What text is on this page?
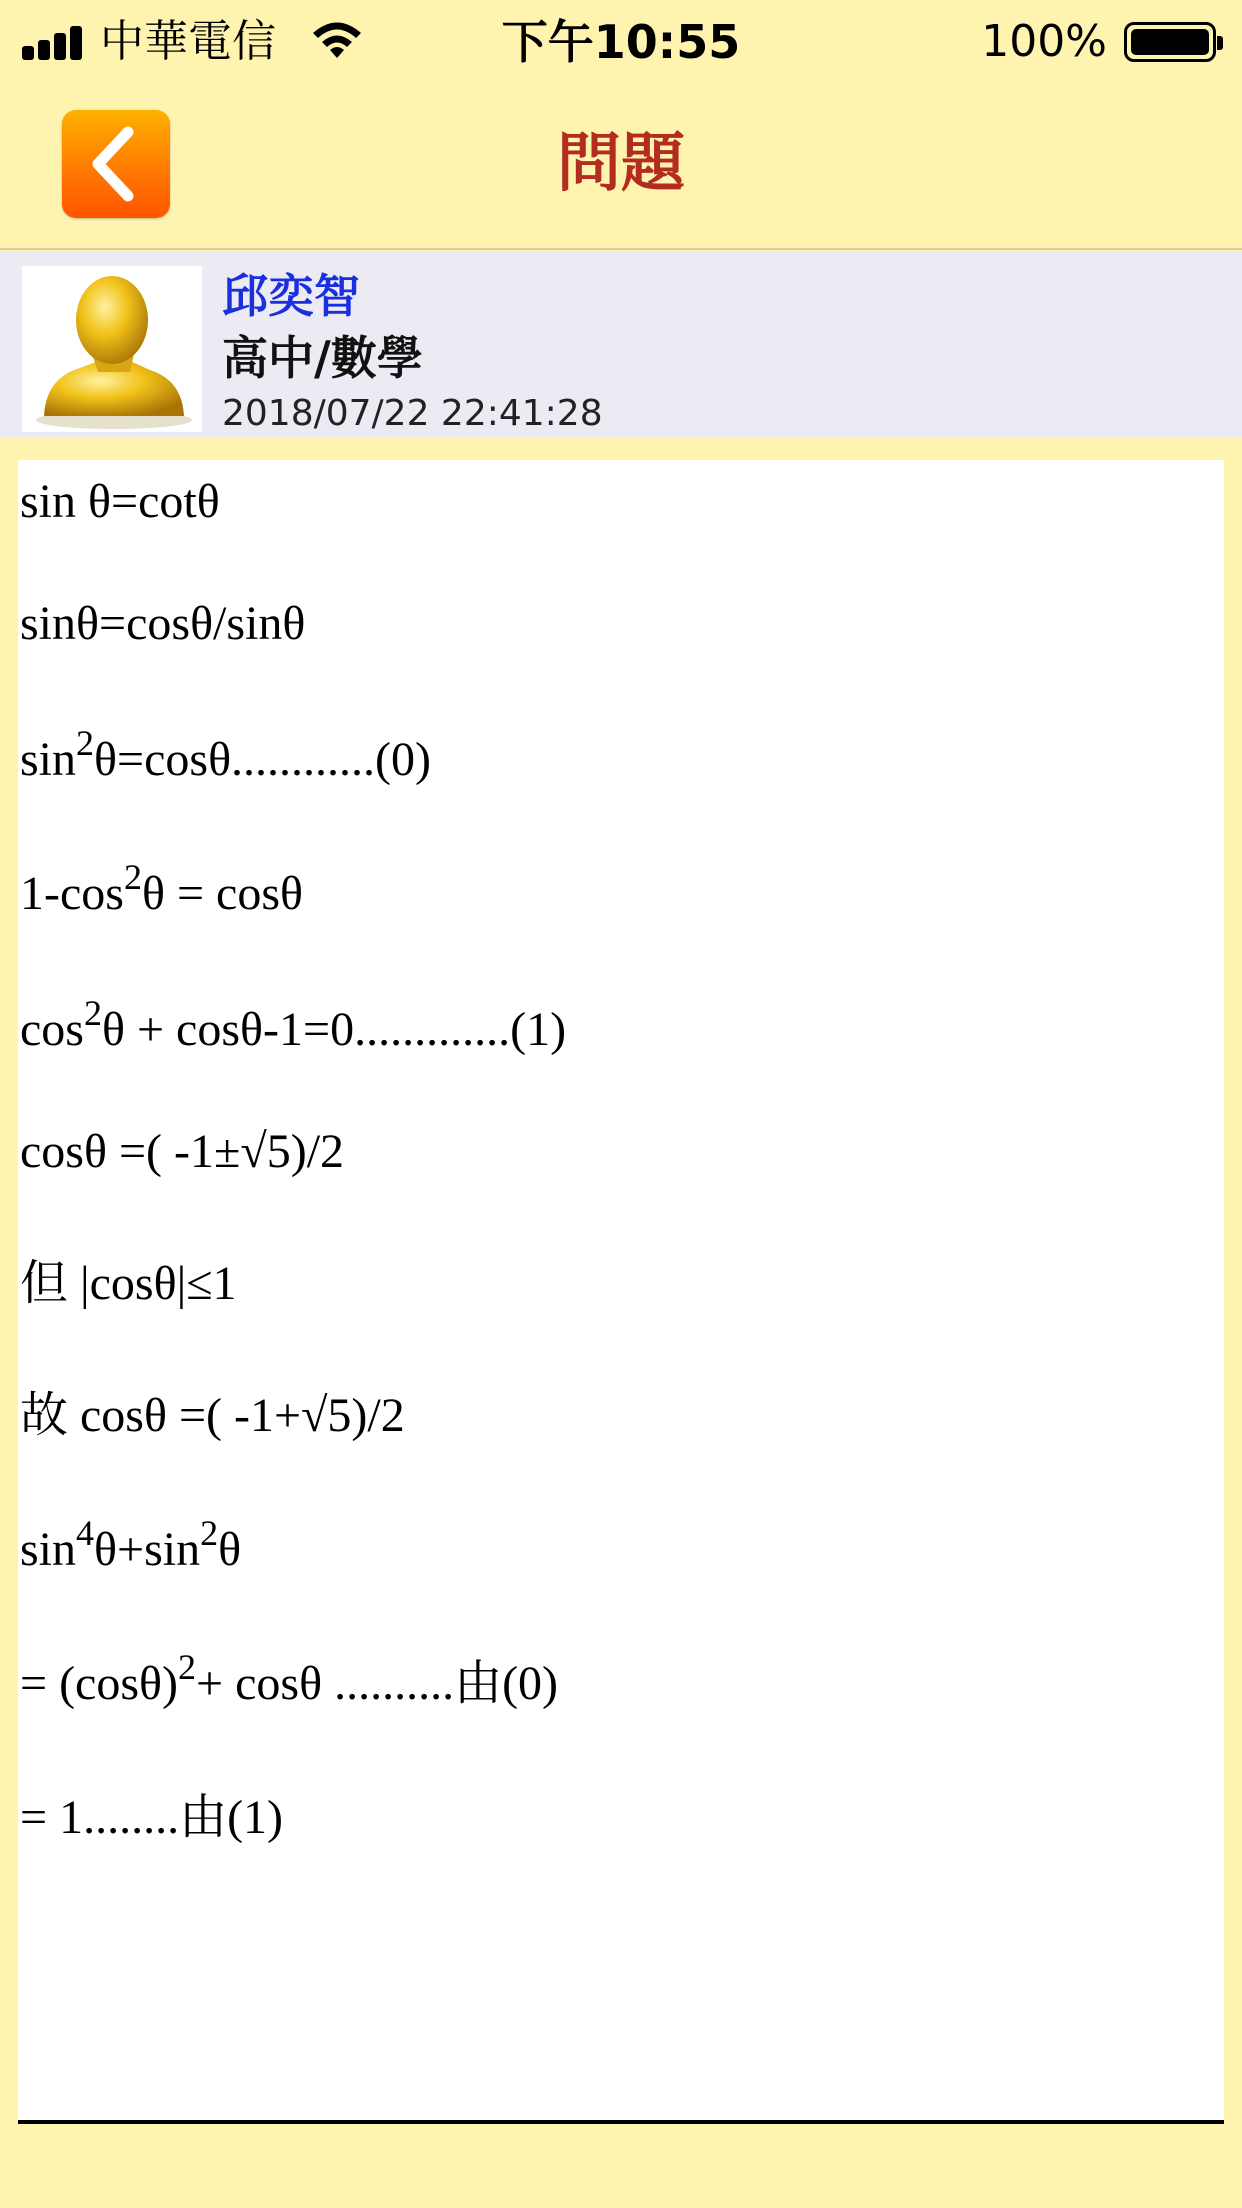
中華電信	下午10:55	100%
問題
邱奕智
高中/數學
2018/07/22 22:41:28
sin θ=cotθ
sinθ=cosθ/sinθ
$\sin^2\theta=\cos\theta............(0)$
$1-\cos^2\theta = \cos\theta$
$\cos^2\theta + \cos\theta-1=0.............(1)$
cosθ =( -1±√5)/2
但 |cosθ|≤1
故 cosθ =( -1+√5)/2
$\sin^4\theta+\sin^2\theta$
= $(\cos\theta)^2+ \cos\theta$ ..........由(0)
= 1........由(1)
